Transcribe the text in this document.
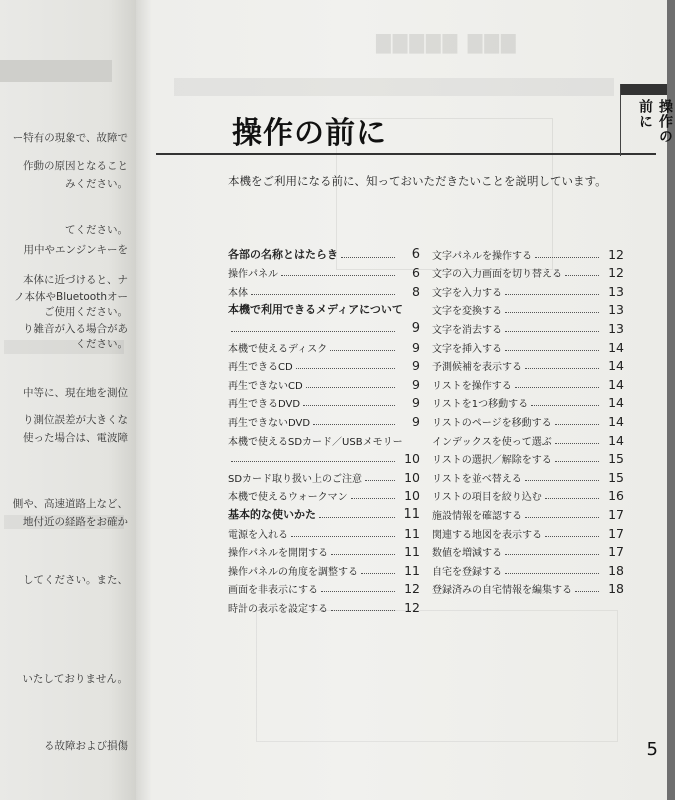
ー特有の現象で、故障で
作動の原因となること
みください。
てください。
用中やエンジンキーを
本体に近づけると、ナ
ノ本体やBluetoothオー
ご使用ください。
り雑音が入る場合があ
ください。
中等に、現在地を測位
り測位誤差が大きくな
使った場合は、電波障
側や、高速道路上など、
地付近の経路をお確か
してください。また、
いたしておりません。
る故障および損傷
▇▇▇▇▇ ▇▇▇
操作の前に	操作の前に
本機をご利用になる前に、知っておいただきたいことを説明しています。
各部の名称とはたらき	6
操作パネル	6
本体	8
本機で利用できるメディアについて
9
本機で使えるディスク	9
再生できるCD	9
再生できないCD	9
再生できるDVD	9
再生できないDVD	9
本機で使えるSDカード／USBメモリー
10
SDカード取り扱い上のご注意	10
本機で使えるウォークマン	10
基本的な使いかた	11
電源を入れる	11
操作パネルを開閉する	11
操作パネルの角度を調整する	11
画面を非表示にする	12
時計の表示を設定する	12
文字パネルを操作する	12
文字の入力画面を切り替える	12
文字を入力する	13
文字を変換する	13
文字を消去する	13
文字を挿入する	14
予測候補を表示する	14
リストを操作する	14
リストを1つ移動する	14
リストのページを移動する	14
インデックスを使って選ぶ	14
リストの選択／解除をする	15
リストを並べ替える	15
リストの項目を絞り込む	16
施設情報を確認する	17
関連する地図を表示する	17
数値を増減する	17
自宅を登録する	18
登録済みの自宅情報を編集する	18
5
